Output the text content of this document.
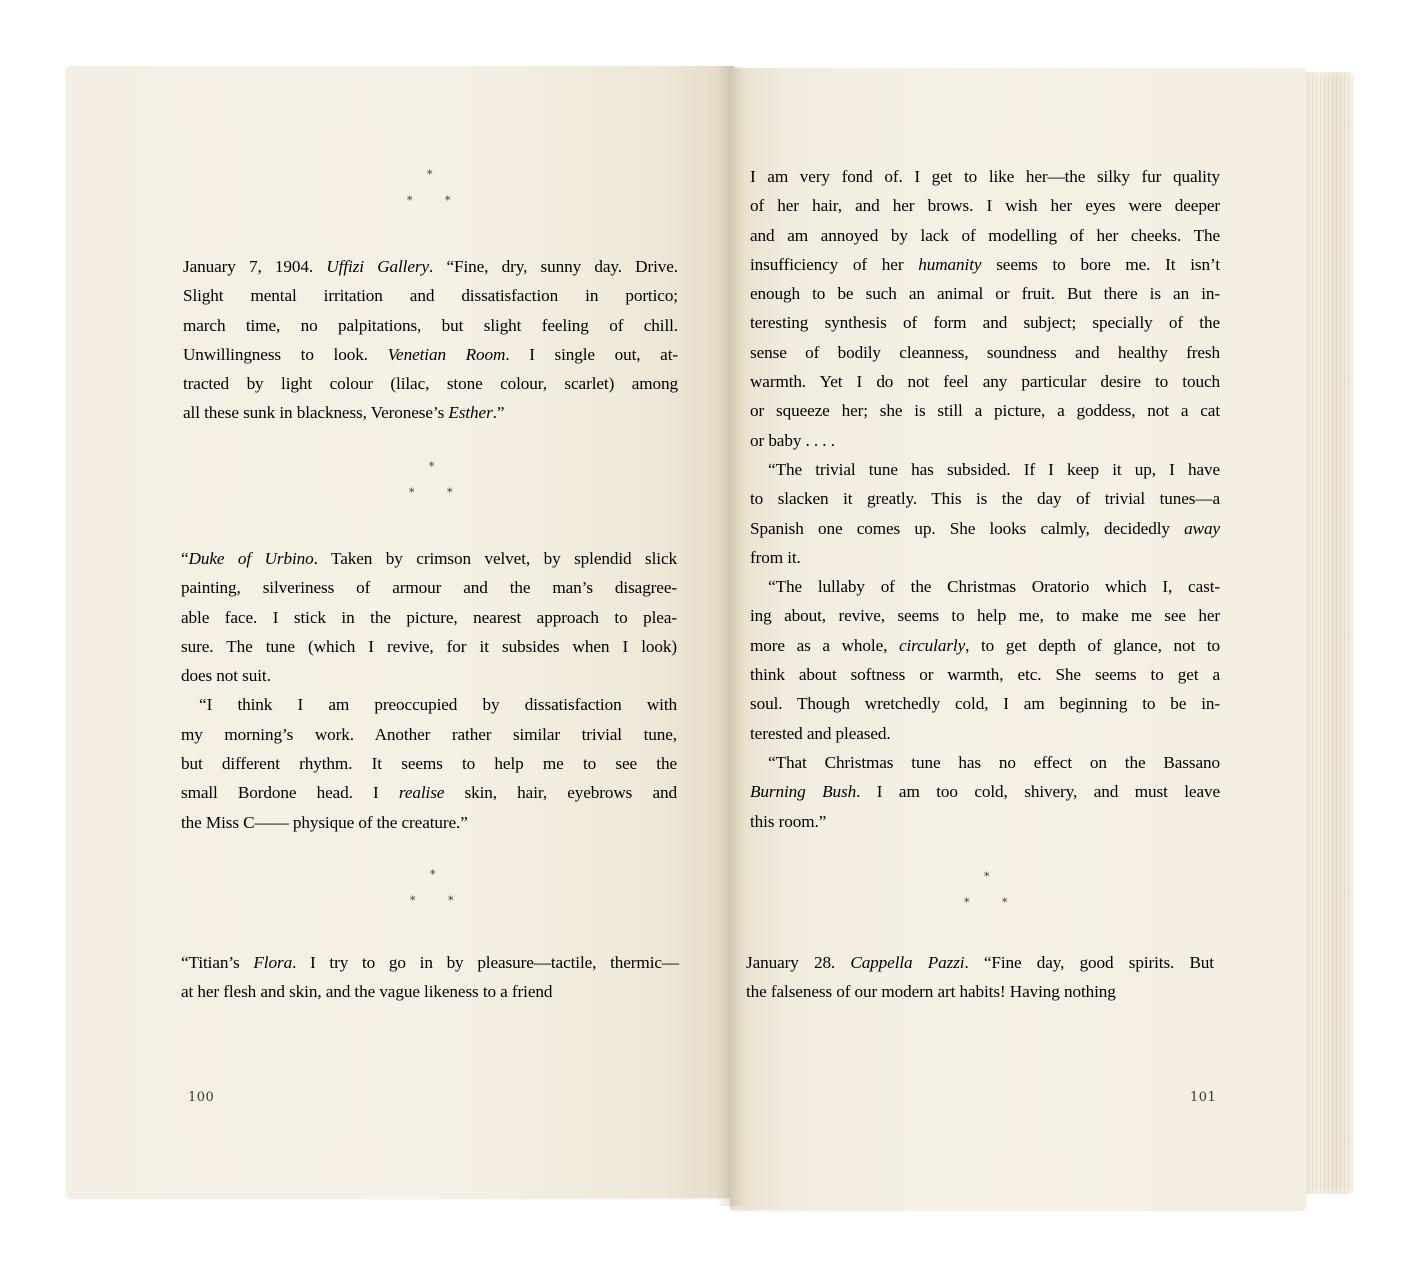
*
*	*
January 7, 1904. Uffizi Gallery. “Fine, dry, sunny day. Drive.
Slight mental irritation and dissatisfaction in portico;
march time, no palpitations, but slight feeling of chill.
Unwillingness to look. Venetian Room. I single out, at-
tracted by light colour (lilac, stone colour, scarlet) among
all these sunk in blackness, Veronese’s Esther.”
*
*	*
“Duke of Urbino. Taken by crimson velvet, by splendid slick
painting, silveriness of armour and the man’s disagree-
able face. I stick in the picture, nearest approach to plea-
sure. The tune (which I revive, for it subsides when I look)
does not suit.
“I think I am preoccupied by dissatisfaction with
my morning’s work. Another rather similar trivial tune,
but different rhythm. It seems to help me to see the
small Bordone head. I realise skin, hair, eyebrows and
the Miss C—— physique of the creature.”
*
*	*
“Titian’s Flora. I try to go in by pleasure—tactile, thermic—
at her flesh and skin, and the vague likeness to a friend
100
I am very fond of. I get to like her—the silky fur quality
of her hair, and her brows. I wish her eyes were deeper
and am annoyed by lack of modelling of her cheeks. The
insufficiency of her humanity seems to bore me. It isn’t
enough to be such an animal or fruit. But there is an in-
teresting synthesis of form and subject; specially of the
sense of bodily cleanness, soundness and healthy fresh
warmth. Yet I do not feel any particular desire to touch
or squeeze her; she is still a picture, a goddess, not a cat
or baby . . . .
“The trivial tune has subsided. If I keep it up, I have
to slacken it greatly. This is the day of trivial tunes—a
Spanish one comes up. She looks calmly, decidedly away
from it.
“The lullaby of the Christmas Oratorio which I, cast-
ing about, revive, seems to help me, to make me see her
more as a whole, circularly, to get depth of glance, not to
think about softness or warmth, etc. She seems to get a
soul. Though wretchedly cold, I am beginning to be in-
terested and pleased.
“That Christmas tune has no effect on the Bassano
Burning Bush. I am too cold, shivery, and must leave
this room.”
*
*	*
January 28. Cappella Pazzi. “Fine day, good spirits. But
the falseness of our modern art habits! Having nothing
101
